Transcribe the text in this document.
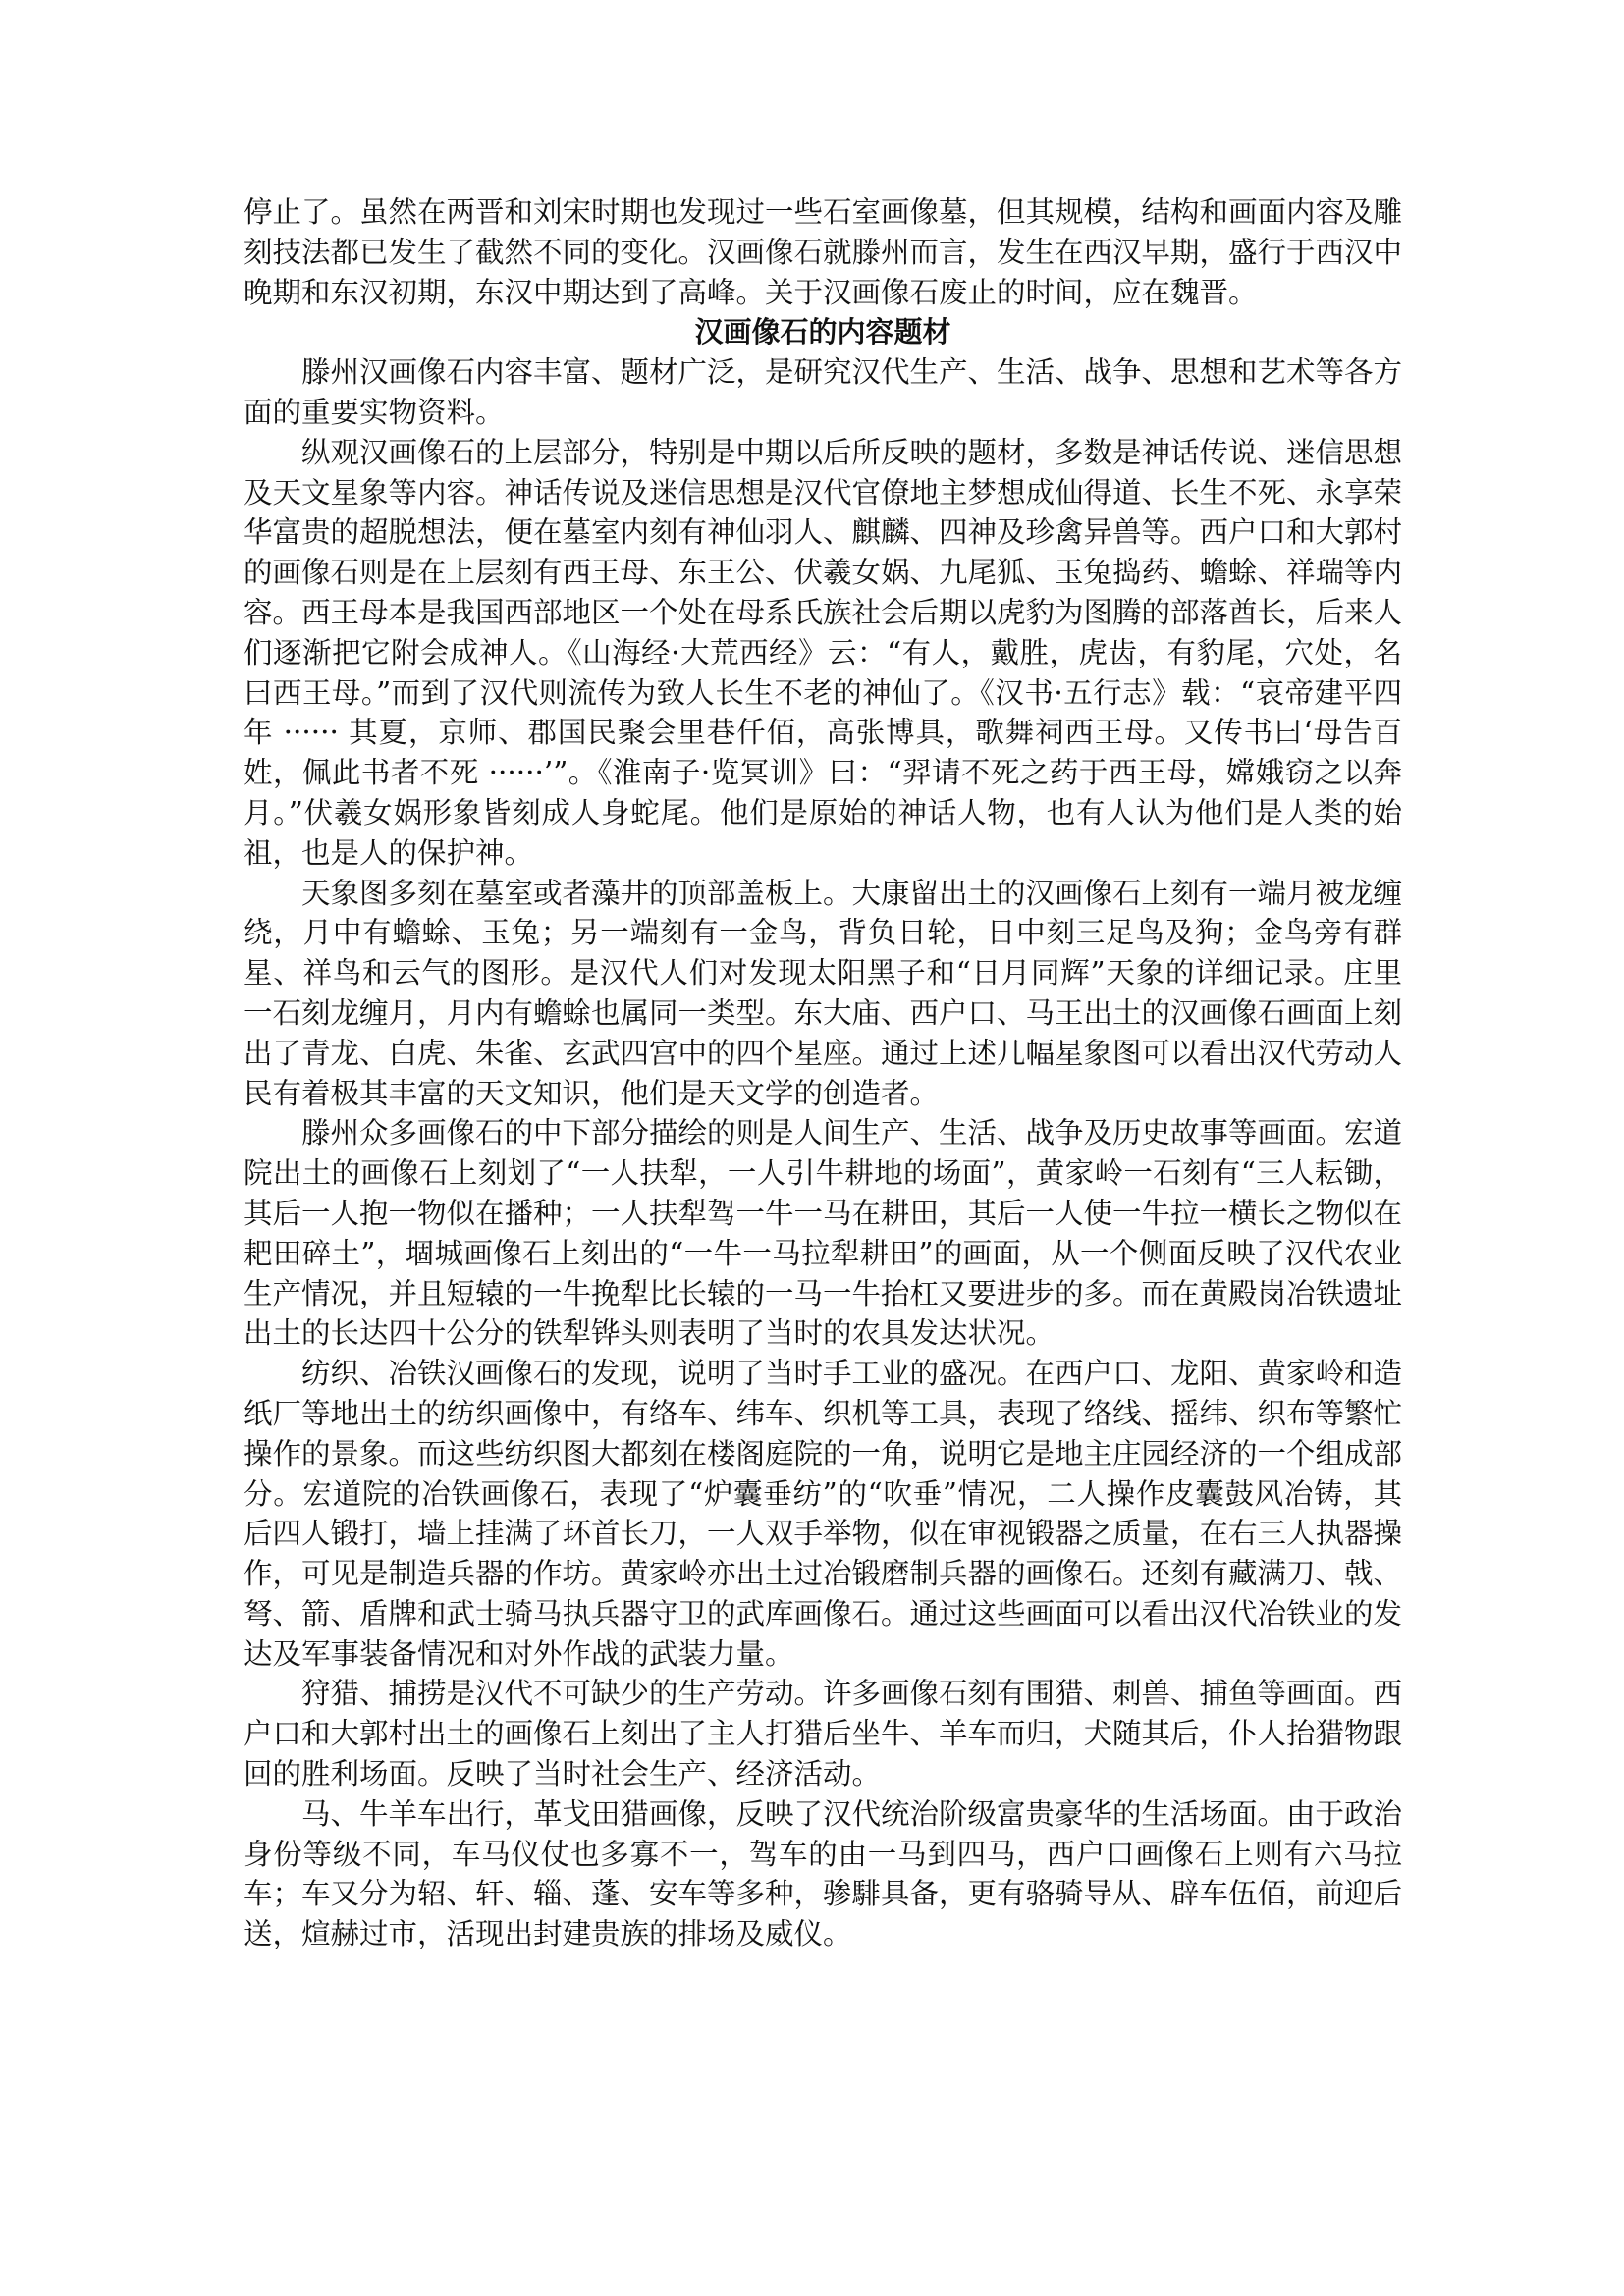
停止了。虽然在两晋和刘宋时期也发现过一些石室画像墓，但其规模，结构和画面内容及雕刻技法都已发生了截然不同的变化。汉画像石就滕州而言，发生在西汉早期，盛行于西汉中晚期和东汉初期，东汉中期达到了高峰。关于汉画像石废止的时间，应在魏晋。

汉画像石的内容题材

滕州汉画像石内容丰富、题材广泛，是研究汉代生产、生活、战争、思想和艺术等各方面的重要实物资料。

纵观汉画像石的上层部分，特别是中期以后所反映的题材，多数是神话传说、迷信思想及天文星象等内容。神话传说及迷信思想是汉代官僚地主梦想成仙得道、长生不死、永享荣华富贵的超脱想法，便在墓室内刻有神仙羽人、麒麟、四神及珍禽异兽等。西户口和大郭村的画像石则是在上层刻有西王母、东王公、伏羲女娲、九尾狐、玉兔捣药、蟾蜍、祥瑞等内容。西王母本是我国西部地区一个处在母系氏族社会后期以虎豹为图腾的部落酋长，后来人们逐渐把它附会成神人。《山海经·大荒西经》云：“有人，戴胜，虎齿，有豹尾，穴处，名曰西王母。”而到了汉代则流传为致人长生不老的神仙了。《汉书·五行志》载：“哀帝建平四年 ······ 其夏，京师、郡国民聚会里巷仟佰，高张博具，歌舞祠西王母。又传书曰‘母告百姓，佩此书者不死 ······’”。《淮南子·览冥训》曰：“羿请不死之药于西王母，嫦娥窃之以奔月。”伏羲女娲形象皆刻成人身蛇尾。他们是原始的神话人物，也有人认为他们是人类的始祖，也是人的保护神。

天象图多刻在墓室或者藻井的顶部盖板上。大康留出土的汉画像石上刻有一端月被龙缠绕，月中有蟾蜍、玉兔；另一端刻有一金鸟，背负日轮，日中刻三足鸟及狗；金鸟旁有群星、祥鸟和云气的图形。是汉代人们对发现太阳黑子和“日月同辉”天象的详细记录。庄里一石刻龙缠月，月内有蟾蜍也属同一类型。东大庙、西户口、马王出土的汉画像石画面上刻出了青龙、白虎、朱雀、玄武四宫中的四个星座。通过上述几幅星象图可以看出汉代劳动人民有着极其丰富的天文知识，他们是天文学的创造者。

滕州众多画像石的中下部分描绘的则是人间生产、生活、战争及历史故事等画面。宏道院出土的画像石上刻划了“一人扶犁，一人引牛耕地的场面”，黄家岭一石刻有“三人耘锄，其后一人抱一物似在播种；一人扶犁驾一牛一马在耕田，其后一人使一牛拉一横长之物似在耙田碎土”，堌城画像石上刻出的“一牛一马拉犁耕田”的画面，从一个侧面反映了汉代农业生产情况，并且短辕的一牛挽犁比长辕的一马一牛抬杠又要进步的多。而在黄殿岗冶铁遗址出土的长达四十公分的铁犁铧头则表明了当时的农具发达状况。

纺织、冶铁汉画像石的发现，说明了当时手工业的盛况。在西户口、龙阳、黄家岭和造纸厂等地出土的纺织画像中，有络车、纬车、织机等工具，表现了络线、摇纬、织布等繁忙操作的景象。而这些纺织图大都刻在楼阁庭院的一角，说明它是地主庄园经济的一个组成部分。宏道院的冶铁画像石，表现了“炉囊垂纺”的“吹垂”情况，二人操作皮囊鼓风冶铸，其后四人锻打，墙上挂满了环首长刀，一人双手举物，似在审视锻器之质量，在右三人执器操作，可见是制造兵器的作坊。黄家岭亦出土过冶锻磨制兵器的画像石。还刻有藏满刀、戟、弩、箭、盾牌和武士骑马执兵器守卫的武库画像石。通过这些画面可以看出汉代冶铁业的发达及军事装备情况和对外作战的武装力量。

狩猎、捕捞是汉代不可缺少的生产劳动。许多画像石刻有围猎、刺兽、捕鱼等画面。西户口和大郭村出土的画像石上刻出了主人打猎后坐牛、羊车而归，犬随其后，仆人抬猎物跟回的胜利场面。反映了当时社会生产、经济活动。

马、牛羊车出行，革戈田猎画像，反映了汉代统治阶级富贵豪华的生活场面。由于政治身份等级不同，车马仪仗也多寡不一，驾车的由一马到四马，西户口画像石上则有六马拉车；车又分为轺、轩、辎、蓬、安车等多种，骖騑具备，更有骆骑导从、辟车伍佰，前迎后送，煊赫过市，活现出封建贵族的排场及威仪。
